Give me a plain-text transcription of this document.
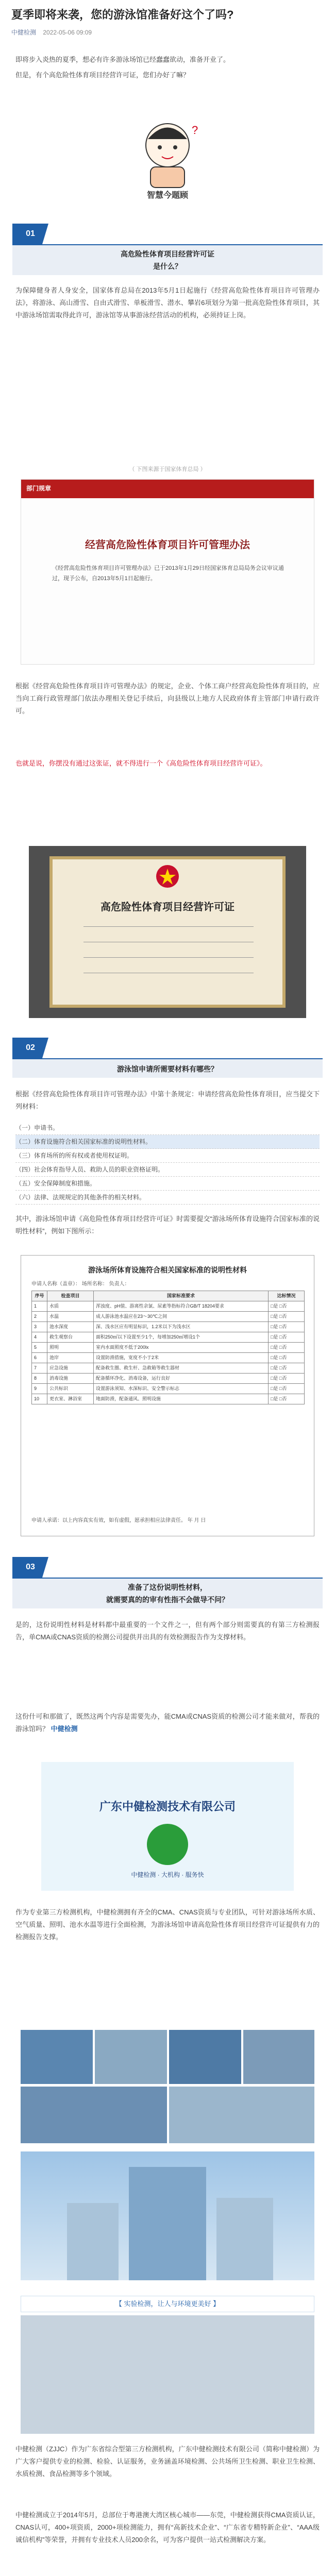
夏季即将来袭，您的游泳馆准备好这个了吗?
中健检测 2022-05-06 09:09

即将步入炎热的夏季，想必有许多游泳场馆已经蠢蠢欲动，准备开业了。

但是，有个高危险性体育项目经营许可证，您们办好了嘛？

?
智慧今题顾
01
高危险性体育项目经营许可证
是什么？

为保障健身者人身安全，国家体育总局在2013年5月1日起施行《经营高危险性体育项目许可管理办法》，将游泳、高山滑雪、自由式滑雪、单板滑雪、潜水、攀岩6项划分为第一批高危险性体育项目，其中游泳场馆需取得此许可，游泳馆等从事游泳经营活动的机构，必须持证上岗。

（ 下图来源于国家体育总局 ）
部门规章
经营高危险性体育项目许可管理办法
《经营高危险性体育项目许可管理办法》已于2013年1月29日经国家体育总局局务会议审议通过，现予公布，自2013年5月1日起施行。

根据《经营高危险性体育项目许可管理办法》的规定，企业、个体工商户经营高危险性体育项目的，应当向工商行政管理部门依法办理相关登记手续后，向县级以上地方人民政府体育主管部门申请行政许可。

也就是说，你摆没有通过这张证，就不得进行一个《高危险性体育项目经营许可证》。

高危险性体育项目经营许可证
02
游泳馆申请所需要材料有哪些？

根据《经营高危险性体育项目许可管理办法》中第十条规定：申请经营高危险性体育项目，应当提交下列材料：

（一）申请书。
（二）体育设施符合相关国家标准的说明性材料。
（三）体育场所的所有权或者使用权证明。
（四）社会体育指导人员、救助人员的职业资格证明。
（五）安全保障制度和措施。
（六）法律、法规规定的其他条件的相关材料。

其中，游泳场馆申请《高危险性体育项目经营许可证》时需要提交“游泳场所体育设施符合国家标准的说明性材料”，例如下图所示：

游泳场所体育设施符合相关国家标准的说明性材料
申请人名称（盖章）： 场所名称： 负责人：
序号	检查项目	国家标准要求	达标情况
1	水质	浑浊度、pH值、游离性余氯、尿素等指标符合GB/T 18204要求	□是 □否
2	水温	成人游泳池水温应在23～30℃之间	□是 □否
3	池水深度	深、浅水区应有明显标识，1.2米以下为浅水区	□是 □否
4	救生观察台	面积250㎡以下设置至少1个，每增加250㎡增设1个	□是 □否
5	照明	室内水面照度不低于200lx	□是 □否
6	池岸	设置防滑措施，宽度不小于2米	□是 □否
7	应急设施	配备救生圈、救生杆、急救箱等救生器材	□是 □否
8	消毒设施	配备循环净化、消毒设备，运行良好	□是 □否
9	公共标识	设置游泳须知、水深标识、安全警示标志	□是 □否
10	更衣室、淋浴室	地面防滑，配备通风、照明设施	□是 □否
申请人承诺：以上内容真实有效，如有虚假，愿承担相应法律责任。 年 月 日
03
准备了这份说明性材料，
就需要真的的审有性指不会做导不问？

是的，这份说明性材料是材料都中最重要的一个文件之一，但有两个部分则需要真的有第三方检测报告，单CMA或CNAS资质的检测公司提供并出具的有效检测报告作为支撑材料。

这份什可和那做了，既然这两个内容是需要先办，能CMA或CNAS资质的检测公司才能来做对，帮我的游泳馆吗？ 中健检测

广东中健检测技术有限公司
中健检测 · 大机构 · 服务快

作为专业第三方检测机构，中健检测拥有齐全的CMA、CNAS资质与专业团队，可针对游泳场所水质、空气质量、照明、池水水温等进行全面检测，为游泳场馆申请高危险性体育项目经营许可证提供有力的检测报告支撑。

【 实验检测，让人与环境更美好 】

中健检测（ZJJC）作为广东省综合型第三方检测机构，广东中健检测技术有限公司（简称中健检测）为广大客户提供专业的检测、检验、认证服务，业务涵盖环境检测、公共场所卫生检测、职业卫生检测、水质检测、食品检测等多个领域。

中健检测成立于2014年5月，总部位于粤港澳大湾区核心城市——东莞，中健检测获得CMA资质认证，CNAS认可，400+项资质，2000+项检测能力，拥有“高新技术企业”、“广东省专精特新企业”、“AAA级诚信机构”等荣誉，并拥有专业技术人员200余名，可为客户提供一站式检测解决方案。
